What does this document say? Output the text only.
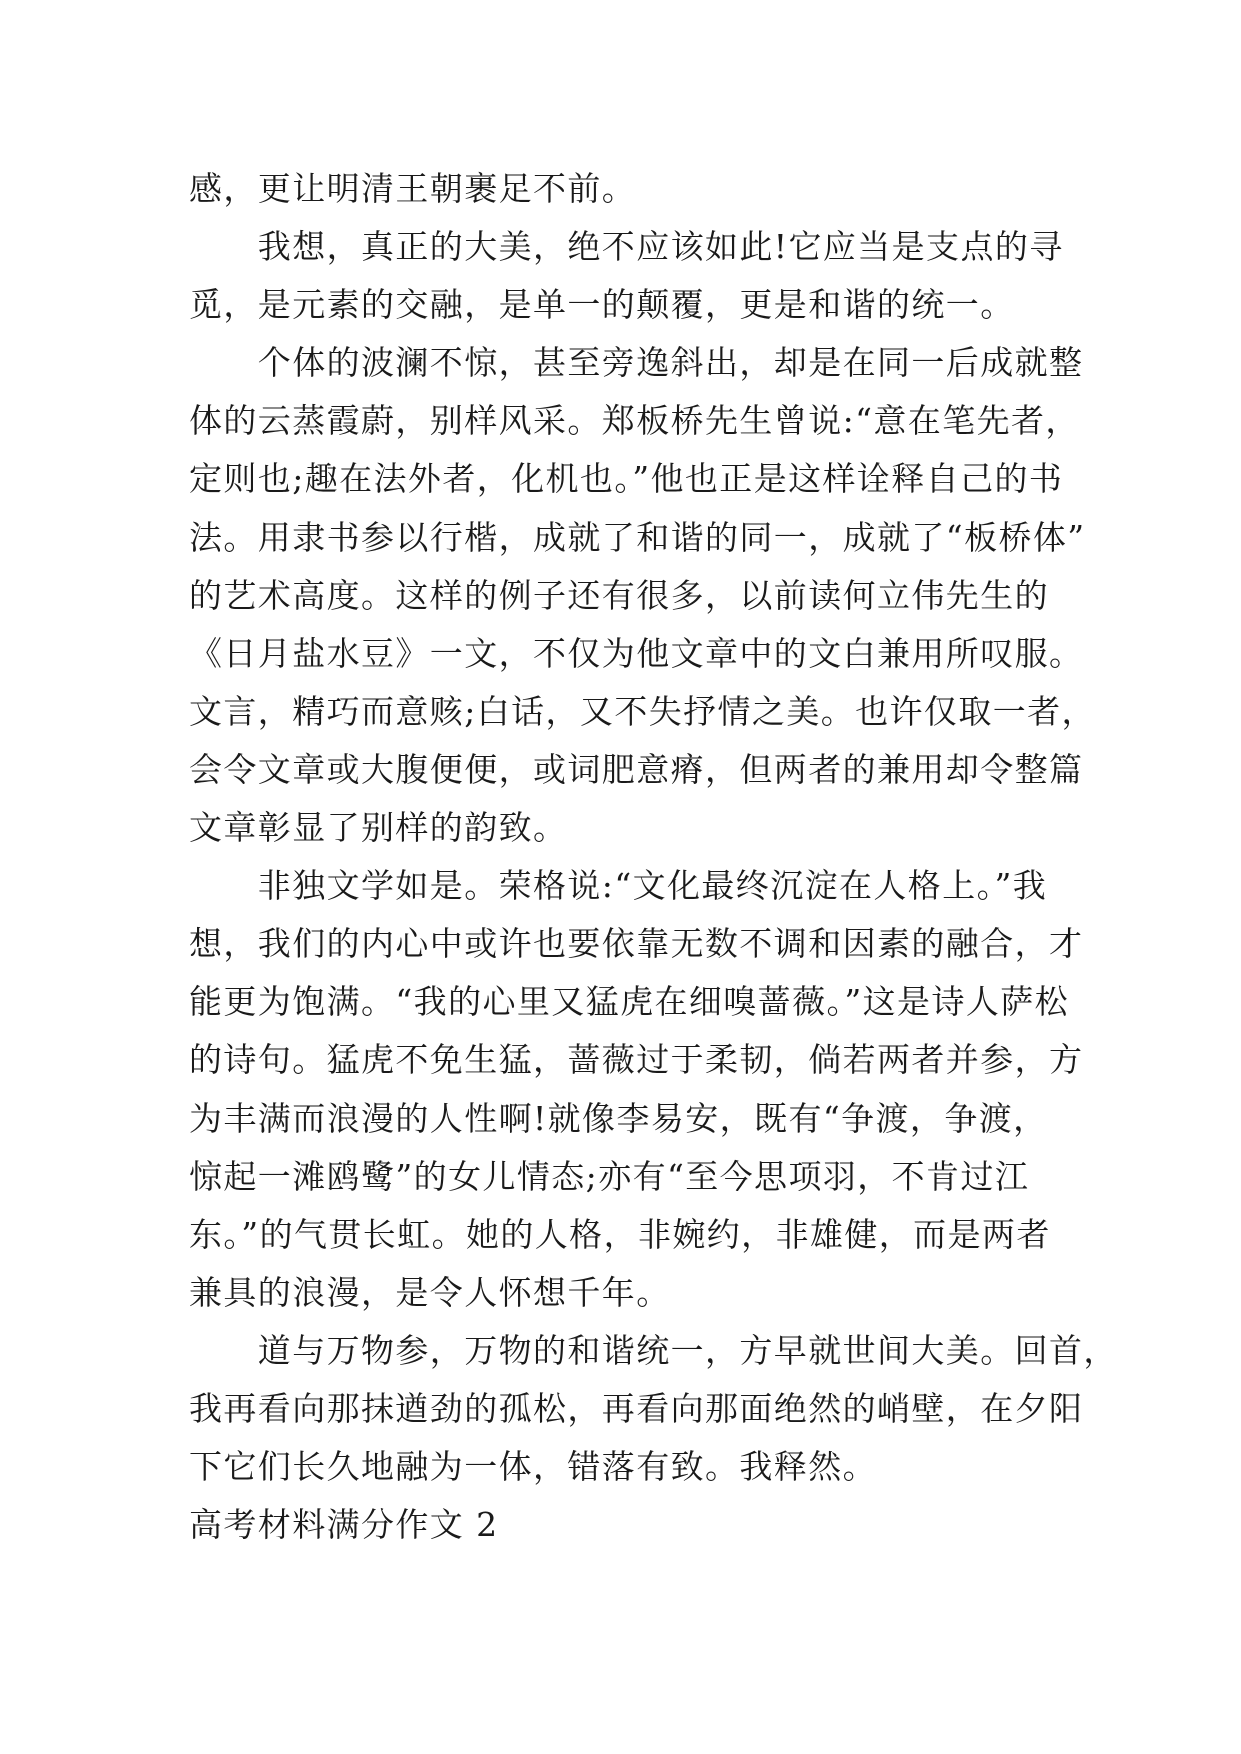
感，更让明清王朝裹足不前。
　　我想，真正的大美，绝不应该如此!它应当是支点的寻
觅，是元素的交融，是单一的颠覆，更是和谐的统一。
　　个体的波澜不惊，甚至旁逸斜出，却是在同一后成就整
体的云蒸霞蔚，别样风采。郑板桥先生曾说:“意在笔先者，
定则也;趣在法外者，化机也。”他也正是这样诠释自己的书
法。用隶书参以行楷，成就了和谐的同一，成就了“板桥体”
的艺术高度。这样的例子还有很多，以前读何立伟先生的
《日月盐水豆》一文，不仅为他文章中的文白兼用所叹服。
文言，精巧而意赅;白话，又不失抒情之美。也许仅取一者，
会令文章或大腹便便，或词肥意瘠，但两者的兼用却令整篇
文章彰显了别样的韵致。
　　非独文学如是。荣格说:“文化最终沉淀在人格上。”我
想，我们的内心中或许也要依靠无数不调和因素的融合，才
能更为饱满。“我的心里又猛虎在细嗅蔷薇。”这是诗人萨松
的诗句。猛虎不免生猛，蔷薇过于柔韧，倘若两者并参，方
为丰满而浪漫的人性啊!就像李易安，既有“争渡，争渡，
惊起一滩鸥鹭”的女儿情态;亦有“至今思项羽，不肯过江
东。”的气贯长虹。她的人格，非婉约，非雄健，而是两者
兼具的浪漫，是令人怀想千年。
　　道与万物参，万物的和谐统一，方早就世间大美。回首，
我再看向那抹遒劲的孤松，再看向那面绝然的峭壁，在夕阳
下它们长久地融为一体，错落有致。我释然。
高考材料满分作文 2
